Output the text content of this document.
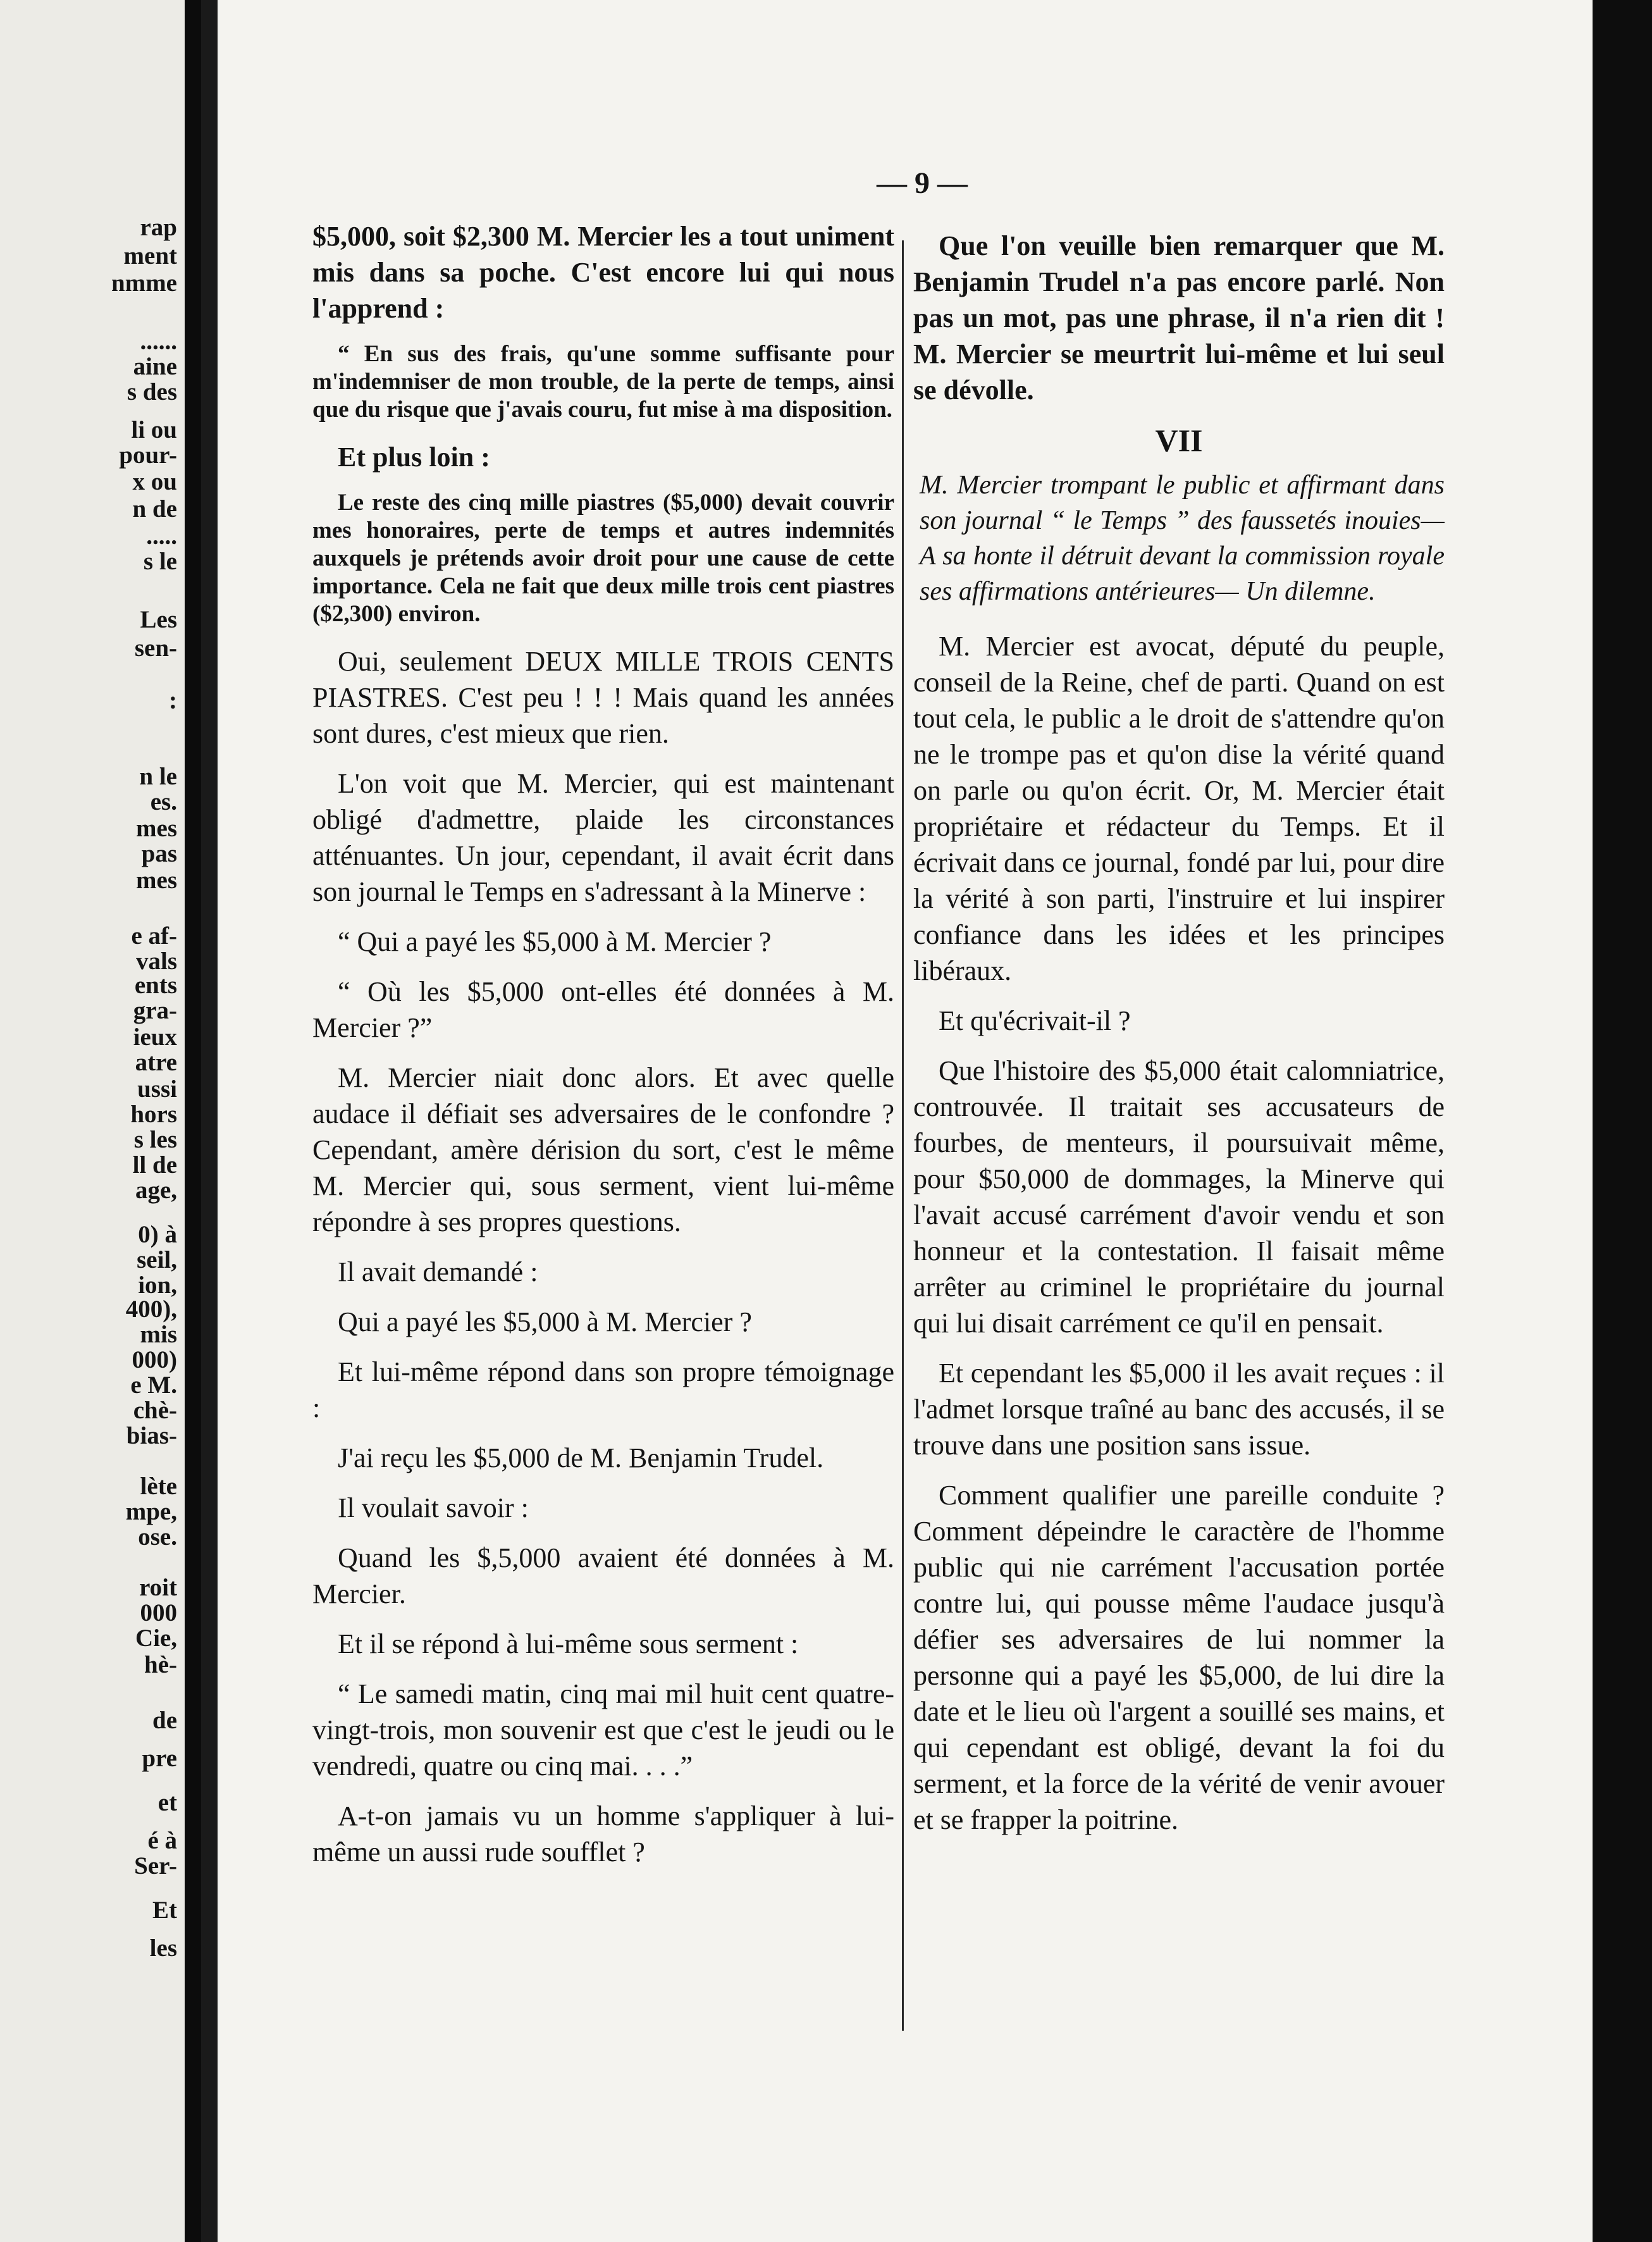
rap
ment
nmme
......
aine
s des
li ou
pour-
x ou
n de
.....
s le
Les
sen-
:
n le
es.
mes
pas
mes
e af-
vals
ents
gra-
ieux
atre
ussi
hors
s les
ll de
age,
0) à
seil,
ion,
400),
mis
000)
e M.
chè-
bias-
lète
mpe,
ose.
roit
000
Cie,
hè-
de
pre
et
é à
Ser-
Et
les
— 9 —

$5,000, soit $2,300 M. Mercier les a tout uniment mis dans sa poche. C'est encore lui qui nous l'apprend :

“ En sus des frais, qu'une somme suffisante pour m'indemniser de mon trouble, de la perte de temps, ainsi que du risque que j'avais couru, fut mise à ma disposition.

Et plus loin :

Le reste des cinq mille piastres ($5,000) devait couvrir mes honoraires, perte de temps et autres indemnités auxquels je prétends avoir droit pour une cause de cette importance. Cela ne fait que deux mille trois cent piastres ($2,300) environ.

Oui, seulement DEUX MILLE TROIS CENTS PIASTRES. C'est peu ! ! ! Mais quand les années sont dures, c'est mieux que rien.

L'on voit que M. Mercier, qui est maintenant obligé d'admettre, plaide les circonstances atténuantes. Un jour, cependant, il avait écrit dans son journal le Temps en s'adressant à la Minerve :

“ Qui a payé les $5,000 à M. Mercier ?

“ Où les $5,000 ont-elles été données à M. Mercier ?”

M. Mercier niait donc alors. Et avec quelle audace il défiait ses adversaires de le confondre ? Cependant, amère dérision du sort, c'est le même M. Mercier qui, sous serment, vient lui-même répondre à ses propres questions.

Il avait demandé :

Qui a payé les $5,000 à M. Mercier ?

Et lui-même répond dans son propre témoignage :

J'ai reçu les $5,000 de M. Benjamin Trudel.

Il voulait savoir :

Quand les $,5,000 avaient été données à M. Mercier.

Et il se répond à lui-même sous serment :

“ Le samedi matin, cinq mai mil huit cent quatre-vingt-trois, mon souvenir est que c'est le jeudi ou le vendredi, quatre ou cinq mai. . . .”

A-t-on jamais vu un homme s'appliquer à lui-même un aussi rude soufflet ?

Que l'on veuille bien remarquer que M. Benjamin Trudel n'a pas encore parlé. Non pas un mot, pas une phrase, il n'a rien dit ! M. Mercier se meurtrit lui-même et lui seul se dévolle.

VII

M. Mercier trompant le public et affirmant dans son journal “ le Temps ” des faussetés inouies—A sa honte il détruit devant la commission royale ses affirmations antérieures— Un dilemne.

M. Mercier est avocat, député du peuple, conseil de la Reine, chef de parti. Quand on est tout cela, le public a le droit de s'attendre qu'on ne le trompe pas et qu'on dise la vérité quand on parle ou qu'on écrit. Or, M. Mercier était propriétaire et rédacteur du Temps. Et il écrivait dans ce journal, fondé par lui, pour dire la vérité à son parti, l'instruire et lui inspirer confiance dans les idées et les principes libéraux.

Et qu'écrivait-il ?

Que l'histoire des $5,000 était calomniatrice, controuvée. Il traitait ses accusateurs de fourbes, de menteurs, il poursuivait même, pour $50,000 de dommages, la Minerve qui l'avait accusé carrément d'avoir vendu et son honneur et la contestation. Il faisait même arrêter au criminel le propriétaire du journal qui lui disait carrément ce qu'il en pensait.

Et cependant les $5,000 il les avait reçues : il l'admet lorsque traîné au banc des accusés, il se trouve dans une position sans issue.

Comment qualifier une pareille conduite ? Comment dépeindre le caractère de l'homme public qui nie carrément l'accusation portée contre lui, qui pousse même l'audace jusqu'à défier ses adversaires de lui nommer la personne qui a payé les $5,000, de lui dire la date et le lieu où l'argent a souillé ses mains, et qui cependant est obligé, devant la foi du serment, et la force de la vérité de venir avouer et se frapper la poitrine.
